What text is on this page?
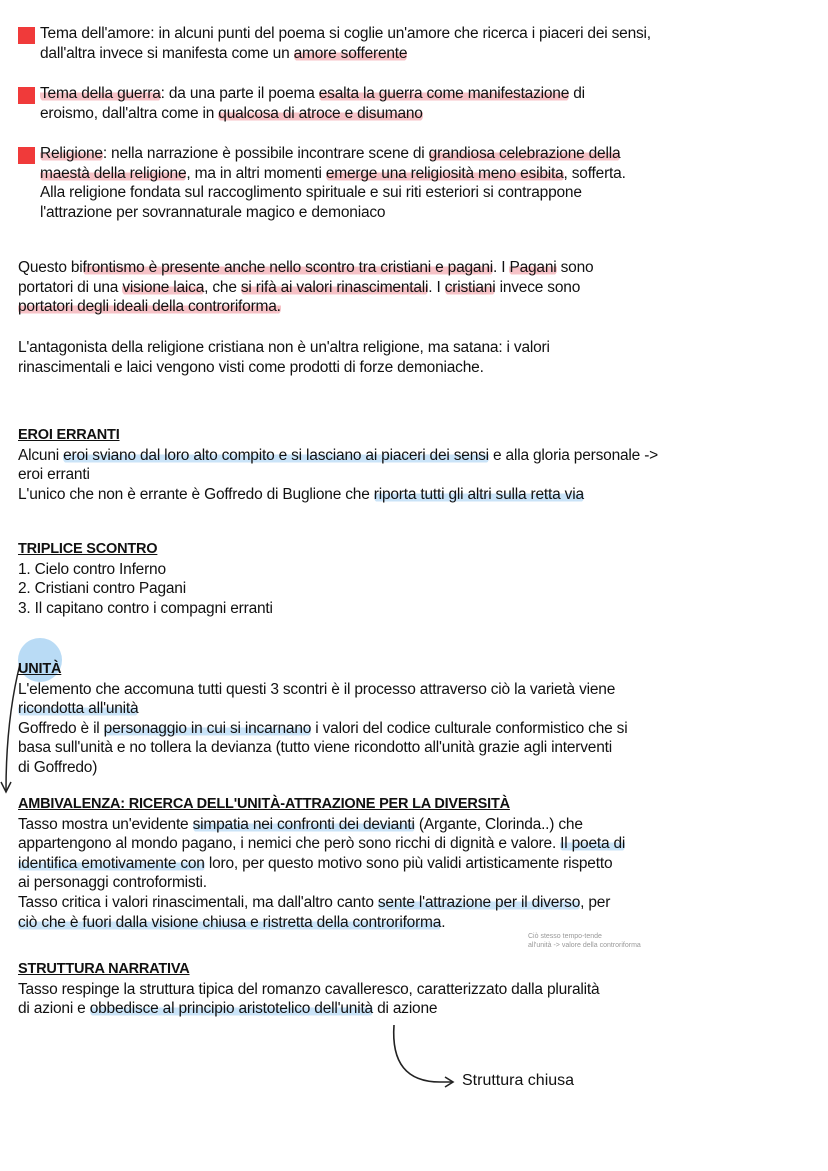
Tema dell'amore: in alcuni punti del poema si coglie un'amore che ricerca i piaceri dei sensi,
dall'altra invece si manifesta come un amore sofferente
Tema della guerra: da una parte il poema esalta la guerra come manifestazione di
eroismo, dall'altra come in qualcosa di atroce e disumano
Religione: nella narrazione è possibile incontrare scene di grandiosa celebrazione della
maestà della religione, ma in altri momenti emerge una religiosità meno esibita, sofferta.
Alla religione fondata sul raccoglimento spirituale e sui riti esteriori si contrappone
l'attrazione per sovrannaturale magico e demoniaco
Questo bifrontismo è presente anche nello scontro tra cristiani e pagani. I Pagani sono
portatori di una visione laica, che si rifà ai valori rinascimentali. I cristiani invece sono
portatori degli ideali della controriforma.
L'antagonista della religione cristiana non è un'altra religione, ma satana: i valori
rinascimentali e laici vengono visti come prodotti di forze demoniache.
EROI ERRANTI
Alcuni eroi sviano dal loro alto compito e si lasciano ai piaceri dei sensi e alla gloria personale ->
eroi erranti
L'unico che non è errante è Goffredo di Buglione che riporta tutti gli altri sulla retta via
TRIPLICE SCONTRO
1. Cielo contro Inferno
2. Cristiani contro Pagani
3. Il capitano contro i compagni erranti
UNITÀ
L'elemento che accomuna tutti questi 3 scontri è il processo attraverso ciò la varietà viene
ricondotta all'unità
Goffredo è il personaggio in cui si incarnano i valori del codice culturale conformistico che si
basa sull'unità e no tollera la devianza (tutto viene ricondotto all'unità grazie agli interventi
di Goffredo)
AMBIVALENZA: RICERCA DELL'UNITÀ-ATTRAZIONE PER LA DIVERSITÀ
Tasso mostra un'evidente simpatia nei confronti dei devianti (Argante, Clorinda..) che
appartengono al mondo pagano, i nemici che però sono ricchi di dignità e valore. Il poeta di
identifica emotivamente con loro, per questo motivo sono più validi artisticamente rispetto
ai personaggi controformisti.
Tasso critica i valori rinascimentali, ma dall'altro canto sente l'attrazione per il diverso, per
ciò che è fuori dalla visione chiusa e ristretta della controriforma.
STRUTTURA NARRATIVA
Tasso respinge la struttura tipica del romanzo cavalleresco, caratterizzato dalla pluralità
di azioni e obbedisce al principio aristotelico dell'unità di azione
Ciò stesso tempo-tende
all'unità -> valore della controriforma
Struttura chiusa
